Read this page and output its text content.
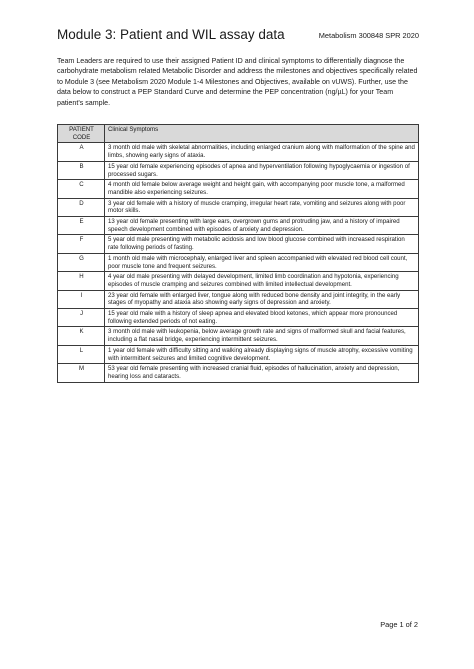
Module 3: Patient and WIL assay data	Metabolism 300848 SPR 2020

Team Leaders are required to use their assigned Patient ID and clinical symptoms to differentially diagnose the carbohydrate metabolism related Metabolic Disorder and address the milestones and objectives specifically related to Module 3 (see Metabolism 2020 Module 1-4 Milestones and Objectives, available on vUWS). Further, use the data below to construct a PEP Standard Curve and determine the PEP concentration (ng/µL) for your Team patient’s sample.

PATIENT CODE	Clinical Symptoms
A	3 month old male with skeletal abnormalities, including enlarged cranium along with malformation of the spine and limbs, showing early signs of ataxia.
B	15 year old female experiencing episodes of apnea and hyperventilation following hypoglycaemia or ingestion of processed sugars.
C	4 month old female below average weight and height gain, with accompanying poor muscle tone, a malformed mandible also experiencing seizures.
D	3 year old female with a history of muscle cramping, irregular heart rate, vomiting and seizures along with poor motor skills.
E	13 year old female presenting with large ears, overgrown gums and protruding jaw, and a history of impaired speech development combined with episodes of anxiety and depression.
F	5 year old male presenting with metabolic acidosis and low blood glucose combined with increased respiration rate following periods of fasting.
G	1 month old male with microcephaly, enlarged liver and spleen accompanied with elevated red blood cell count, poor muscle tone and frequent seizures.
H	4 year old male presenting with delayed development, limited limb coordination and hypotonia, experiencing episodes of muscle cramping and seizures combined with limited intellectual development.
I	23 year old female with enlarged liver, tongue along with reduced bone density and joint integrity, in the early stages of myopathy and ataxia also showing early signs of depression and anxiety.
J	15 year old male with a history of sleep apnea and elevated blood ketones, which appear more pronounced following extended periods of not eating.
K	3 month old male with leukopenia, below average growth rate and signs of malformed skull and facial features, including a flat nasal bridge, experiencing intermittent seizures.
L	1 year old female with difficulty sitting and walking already displaying signs of muscle atrophy, excessive vomiting with intermittent seizures and limited cognitive development.
M	53 year old female presenting with increased cranial fluid, episodes of hallucination, anxiety and depression, hearing loss and cataracts.
Page 1 of 2
